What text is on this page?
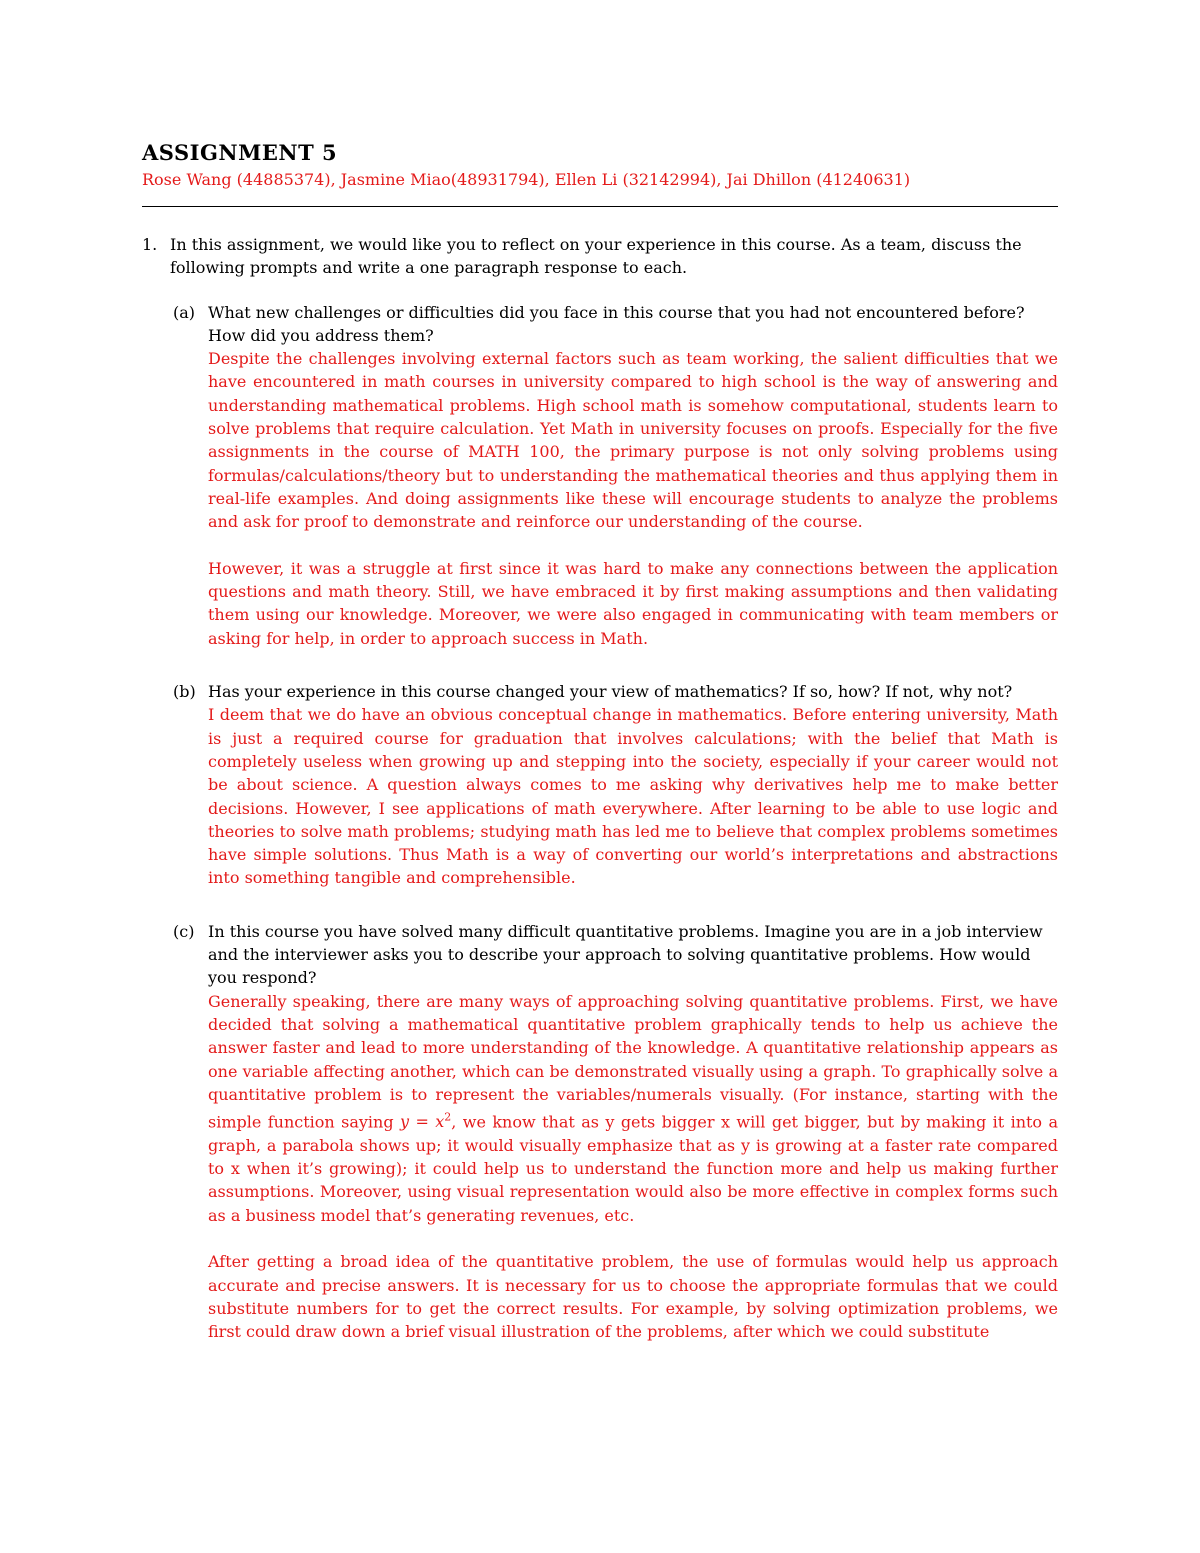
ASSIGNMENT 5

Rose Wang (44885374), Jasmine Miao(48931794), Ellen Li (32142994), Jai Dhillon (41240631)

1. In this assignment, we would like you to reflect on your experience in this course. As a team, discuss the following prompts and write a one paragraph response to each.

(a) What new challenges or difficulties did you face in this course that you had not encountered before? How did you address them?

Despite the challenges involving external factors such as team working, the salient difficulties that we have encountered in math courses in university compared to high school is the way of answering and understanding mathematical problems. High school math is somehow computational, students learn to solve problems that require calculation. Yet Math in university focuses on proofs. Especially for the five assignments in the course of MATH 100, the primary purpose is not only solving problems using formulas/calculations/theory but to understanding the mathematical theories and thus applying them in real-life examples. And doing assignments like these will encourage students to analyze the problems and ask for proof to demonstrate and reinforce our understanding of the course.

However, it was a struggle at first since it was hard to make any connections between the application questions and math theory. Still, we have embraced it by first making assumptions and then validating them using our knowledge. Moreover, we were also engaged in communicating with team members or asking for help, in order to approach success in Math.

(b) Has your experience in this course changed your view of mathematics? If so, how? If not, why not?

I deem that we do have an obvious conceptual change in mathematics. Before entering university, Math is just a required course for graduation that involves calculations; with the belief that Math is completely useless when growing up and stepping into the society, especially if your career would not be about science. A question always comes to me asking why derivatives help me to make better decisions. However, I see applications of math everywhere. After learning to be able to use logic and theories to solve math problems; studying math has led me to believe that complex problems sometimes have simple solutions. Thus Math is a way of converting our world’s interpretations and abstractions into something tangible and comprehensible.

(c) In this course you have solved many difficult quantitative problems. Imagine you are in a job interview and the interviewer asks you to describe your approach to solving quantitative problems. How would you respond?

Generally speaking, there are many ways of approaching solving quantitative problems. First, we have decided that solving a mathematical quantitative problem graphically tends to help us achieve the answer faster and lead to more understanding of the knowledge. A quantitative relationship appears as one variable affecting another, which can be demonstrated visually using a graph. To graphically solve a quantitative problem is to represent the variables/numerals visually. (For instance, starting with the simple function saying $y = x^2$, we know that as y gets bigger x will get bigger, but by making it into a graph, a parabola shows up; it would visually emphasize that as y is growing at a faster rate compared to x when it’s growing); it could help us to understand the function more and help us making further assumptions. Moreover, using visual representation would also be more effective in complex forms such as a business model that’s generating revenues, etc.

After getting a broad idea of the quantitative problem, the use of formulas would help us approach accurate and precise answers. It is necessary for us to choose the appropriate formulas that we could substitute numbers for to get the correct results. For example, by solving optimization problems, we first could draw down a brief visual illustration of the problems, after which we could substitute
